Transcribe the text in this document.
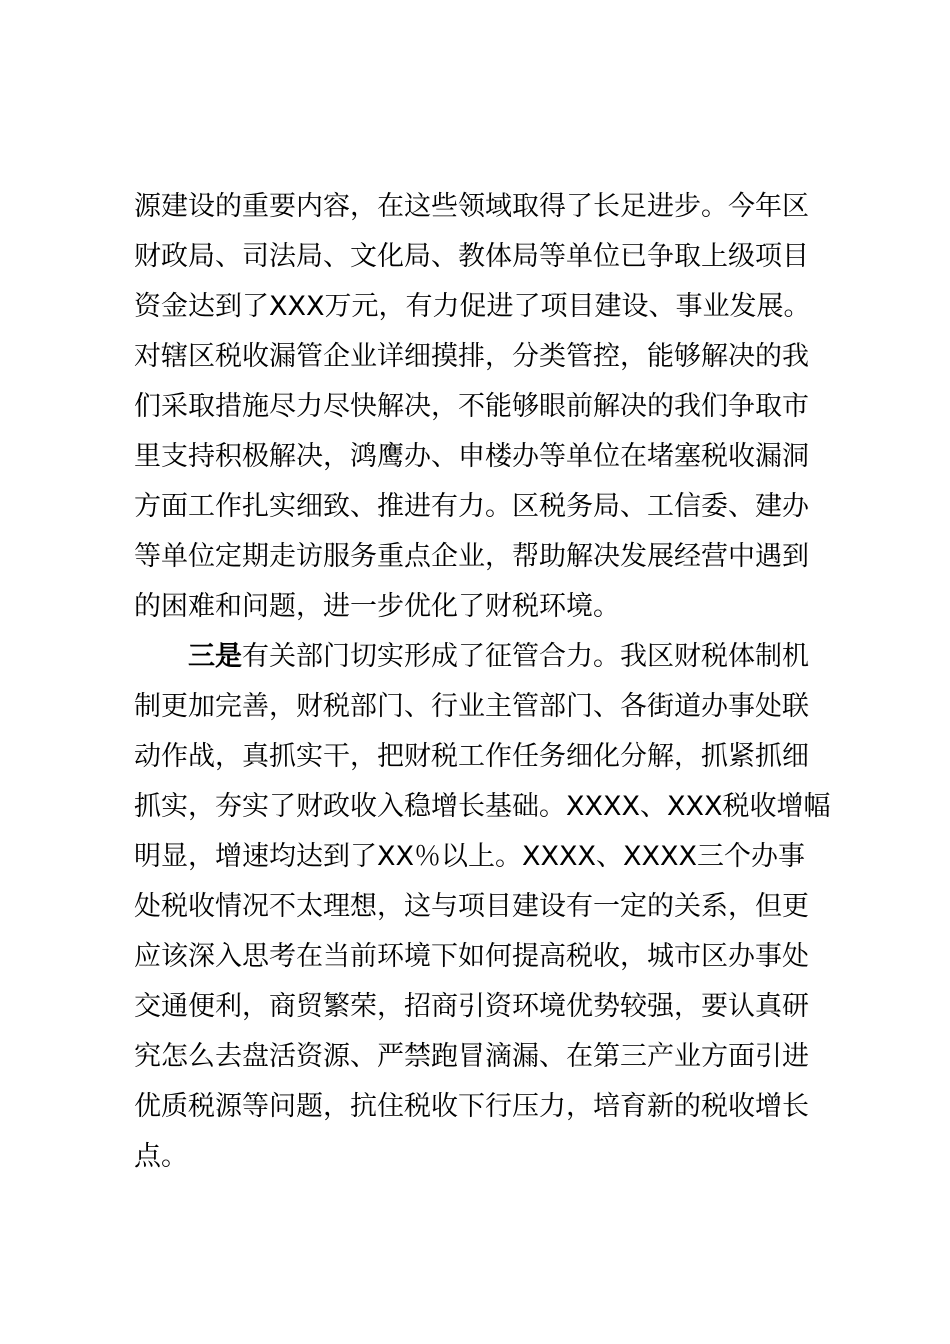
源建设的重要内容，在这些领域取得了长足进步。今年区
财政局、司法局、文化局、教体局等单位已争取上级项目
资金达到了XXX万元，有力促进了项目建设、事业发展。
对辖区税收漏管企业详细摸排，分类管控，能够解决的我
们采取措施尽力尽快解决，不能够眼前解决的我们争取市
里支持积极解决，鸿鹰办、申楼办等单位在堵塞税收漏洞
方面工作扎实细致、推进有力。区税务局、工信委、建办
等单位定期走访服务重点企业，帮助解决发展经营中遇到
的困难和问题，进一步优化了财税环境。
三是有关部门切实形成了征管合力。我区财税体制机
制更加完善，财税部门、行业主管部门、各街道办事处联
动作战，真抓实干，把财税工作任务细化分解，抓紧抓细
抓实，夯实了财政收入稳增长基础。XXXX、XXX税收增幅
明显，增速均达到了XX％以上。XXXX、XXXX三个办事
处税收情况不太理想，这与项目建设有一定的关系，但更
应该深入思考在当前环境下如何提高税收，城市区办事处
交通便利，商贸繁荣，招商引资环境优势较强，要认真研
究怎么去盘活资源、严禁跑冒滴漏、在第三产业方面引进
优质税源等问题，抗住税收下行压力，培育新的税收增长
点。
